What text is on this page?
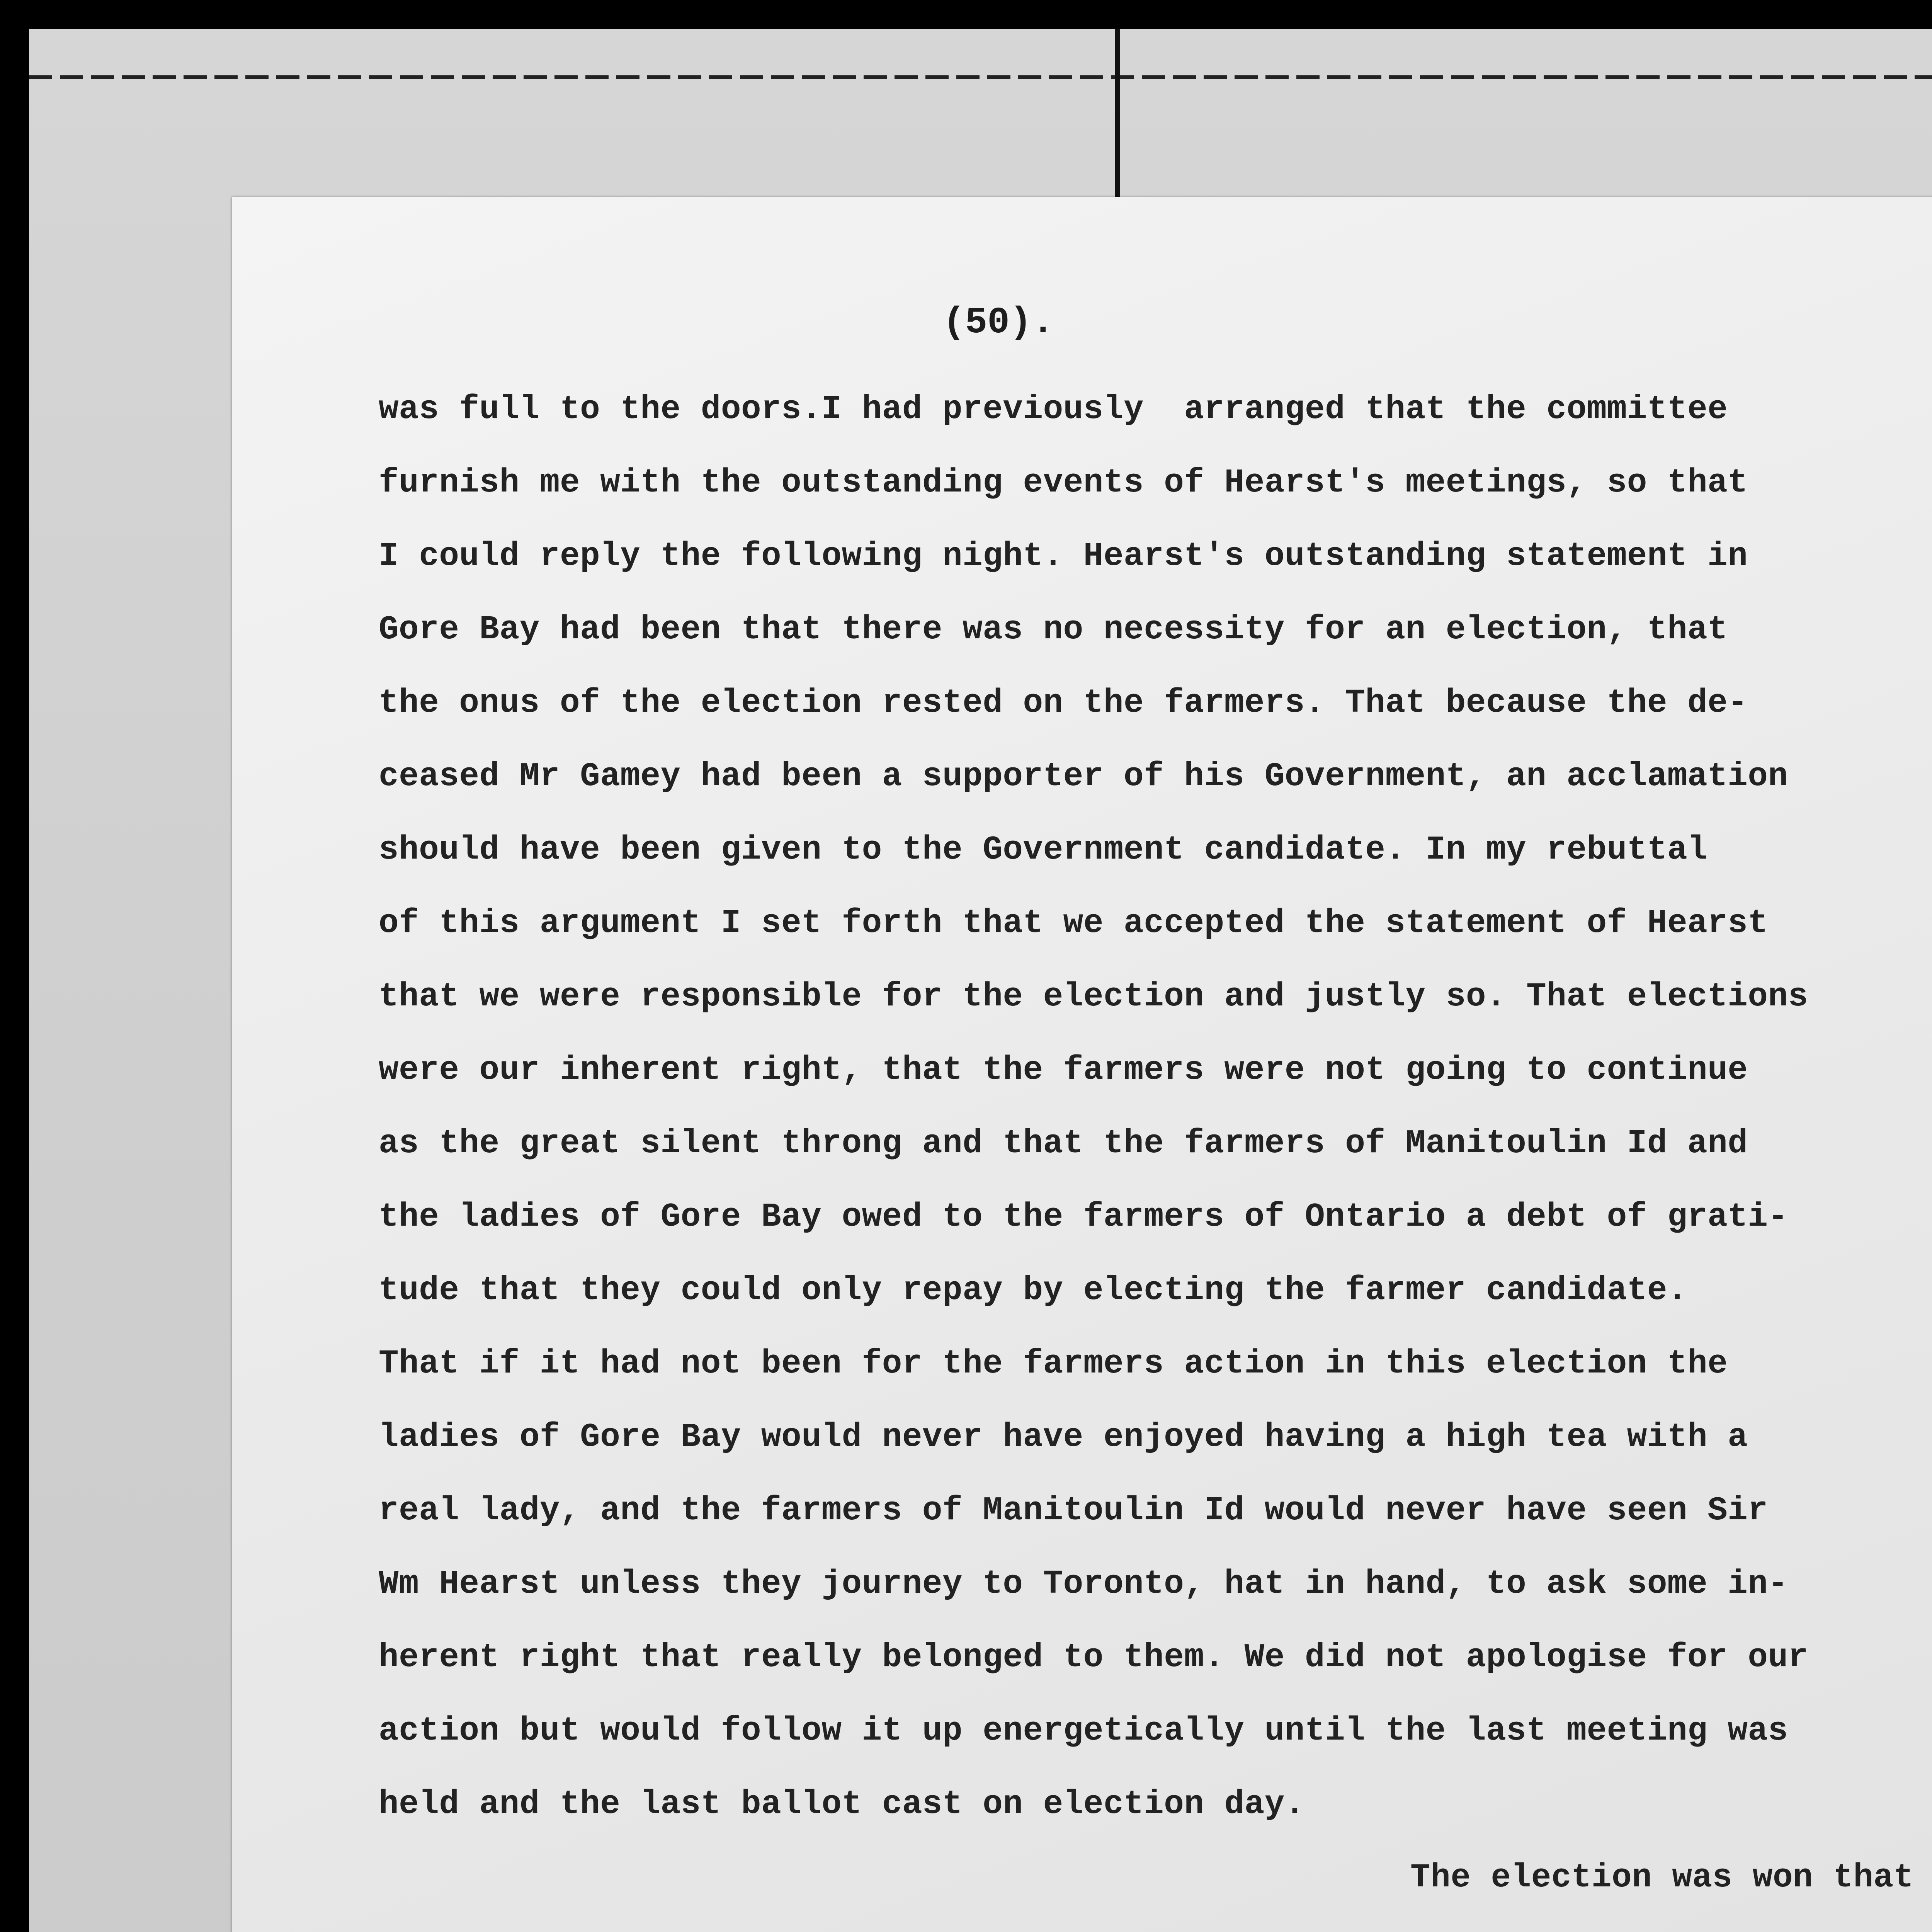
(50).
was full to the doors.I had previously  arranged that the committee
furnish me with the outstanding events of Hearst's meetings, so that
I could reply the following night. Hearst's outstanding statement in
Gore Bay had been that there was no necessity for an election, that
the onus of the election rested on the farmers. That because the de-
ceased Mr Gamey had been a supporter of his Government, an acclamation
should have been given to the Government candidate. In my rebuttal
of this argument I set forth that we accepted the statement of Hearst
that we were responsible for the election and justly so. That elections
were our inherent right, that the farmers were not going to continue
as the great silent throng and that the farmers of Manitoulin Id and
the ladies of Gore Bay owed to the farmers of Ontario a debt of grati-
tude that they could only repay by electing the farmer candidate.
That if it had not been for the farmers action in this election the
ladies of Gore Bay would never have enjoyed having a high tea with a
real lady, and the farmers of Manitoulin Id would never have seen Sir
Wm Hearst unless they journey to Toronto, hat in hand, to ask some in-
herent right that really belonged to them. We did not apologise for our
action but would follow it up energetically until the last meeting was
held and the last ballot cast on election day.
The election was won that
